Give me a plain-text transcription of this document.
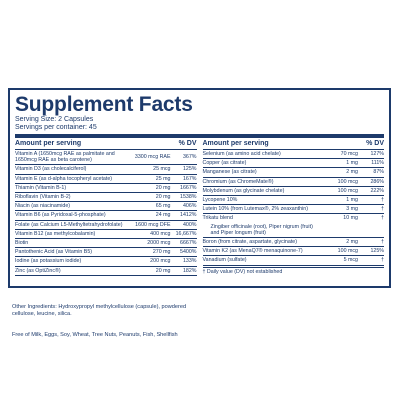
Supplement Facts
Serving Size: 2 Capsules
Servings per container: 45
Amount per serving	% DV
Vitamin A (1650mcg RAE as palmitate and 1650mcg RAE as beta carotene)
3300 mcg RAE	367%
Vitamin D3 (as cholecalciferol)	25 mcg	125%
Vitamin E (as d-alpha tocopheryl acetate)	25 mg	167%
Thiamin (Vitamin B-1)	20 mg	1667%
Riboflavin (Vitamin B-2)	20 mg	1538%
Niacin (as niacinamide)	65 mg	406%
Vitamin B6 (as Pyridoxal-5-phosphate)	24 mg	1412%
Folate (as Calcium L5-Methyltetrahydrofolate)	1600 mcg DFE	400%
Vitamin B12 (as methylcobalamin)	400 mcg 16,667%
Biotin	2000 mcg	6667%
Pantothenic Acid (as Vitamin B5)	270 mg	5400%
Iodine (as potassium iodide)	200 mcg	133%
Zinc (as OptiZinc®)	20 mg	182%
Amount per serving	% DV
Selenium (as amino acid chelate)	70 mcg	127%
Copper (as citrate)	1 mg	111%
Manganese (as citrate)	2 mg	87%
Chromium (as ChromeMate®)	100 mcg	286%
Molybdenum (as glycinate chelate)	100 mcg	222%
Lycopene 10%	1 mg	†
Lutein 10% (from Lutemax®, 2% zeaxanthin)	3 mg	†
Trikatu blend	10 mg	†
Zingiber officinale (root), Piper nigrum (fruit) and Piper longum (fruit)
Boron (from citrate, aspartate, glycinate)	2 mg	†
Vitamin K2 (as MenaQ7® menaquinone-7)	100 mcg	125%
Vanadium (sulfate)	5 mcg	†
† Daily value (DV) not established
Other Ingredients: Hydroxypropyl methylcellulose (capsule), powdered cellulose, leucine, silica.
Free of Milk, Eggs, Soy, Wheat, Tree Nuts, Peanuts, Fish, Shellfish
